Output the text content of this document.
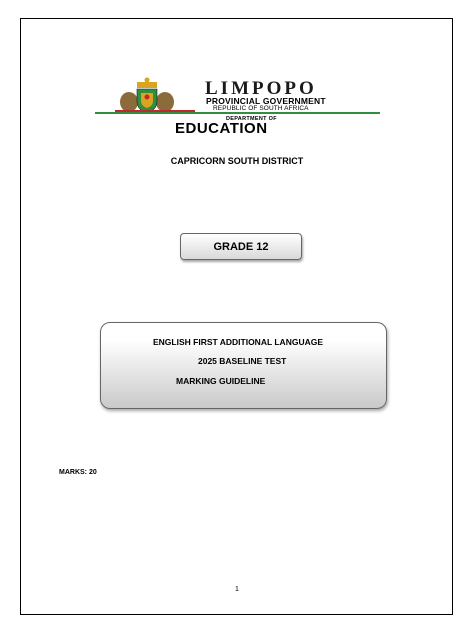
LIMPOPO
PROVINCIAL GOVERNMENT
REPUBLIC OF SOUTH AFRICA
DEPARTMENT OF
EDUCATION
CAPRICORN SOUTH DISTRICT
GRADE 12
ENGLISH FIRST ADDITIONAL LANGUAGE
2025 BASELINE TEST
MARKING GUIDELINE
MARKS: 20
1
